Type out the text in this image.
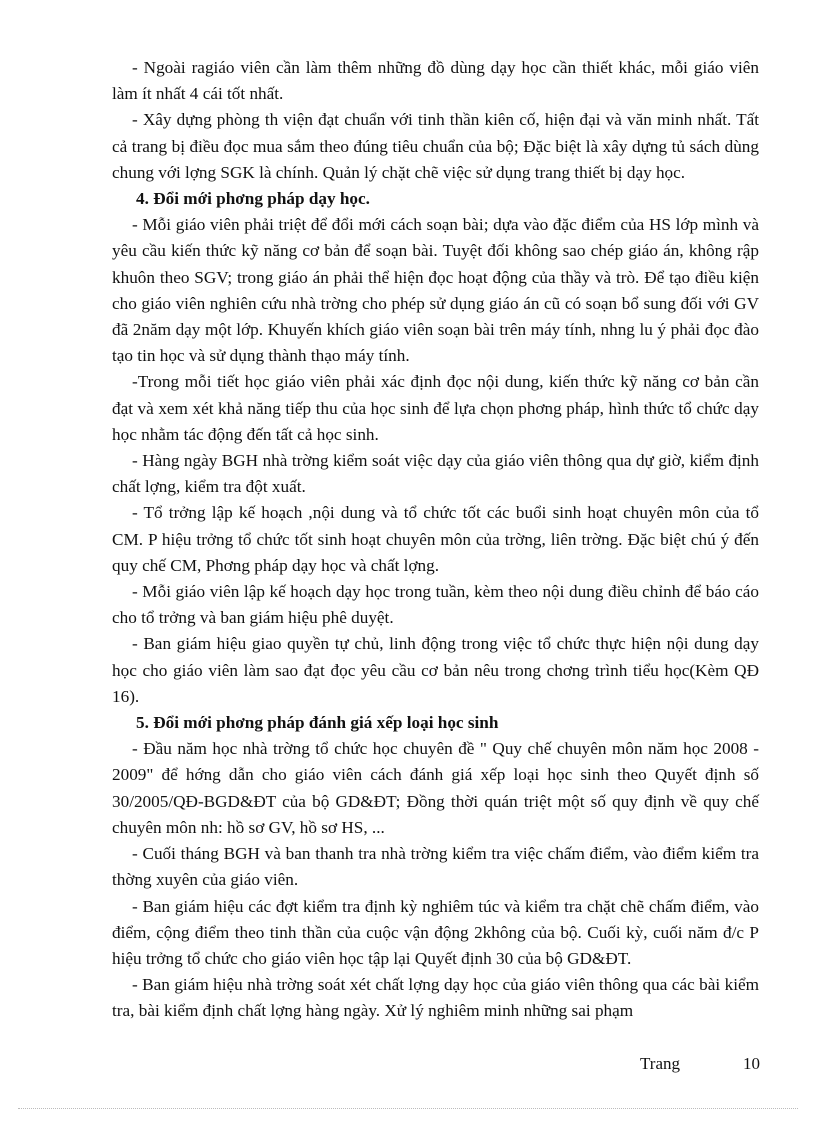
- Ngoài ragiáo viên cần làm thêm những đồ dùng dạy học cần thiết khác, mỗi giáo viên làm ít nhất 4 cái tốt nhất.

- Xây dựng phòng th viện đạt chuẩn với tinh thần kiên cố, hiện đại và văn minh nhất. Tất cả trang bị điều đọc mua sắm theo đúng tiêu chuẩn của bộ; Đặc biệt là xây dựng tủ sách dùng chung với lợng SGK là chính. Quản lý chặt chẽ việc sử dụng trang thiết bị dạy học.

4. Đổi mới phơng pháp dạy học.

- Mỗi giáo viên phải triệt để đổi mới cách soạn bài; dựa vào đặc điểm của HS lớp mình và yêu cầu kiến thức kỹ năng cơ bản để soạn bài. Tuyệt đối không sao chép giáo án, không rập khuôn theo SGV; trong giáo án phải thể hiện đọc hoạt động của thầy và trò. Để tạo điều kiện cho giáo viên nghiên cứu nhà trờng cho phép sử dụng giáo án cũ có soạn bổ sung đối với GV đã 2năm dạy một lớp. Khuyến khích giáo viên soạn bài trên máy tính, nhng lu ý phải đọc đào tạo tin học và sử dụng thành thạo máy tính.

-Trong mỗi tiết học giáo viên phải xác định đọc nội dung, kiến thức kỹ năng cơ bản cần đạt và xem xét khả năng tiếp thu của học sinh để lựa chọn phơng pháp, hình thức tổ chức dạy học nhằm tác động đến tất cả học sinh.

- Hàng ngày BGH nhà trờng kiểm soát việc dạy của giáo viên thông qua dự giờ, kiểm định chất lợng, kiểm tra đột xuất.

- Tổ trởng lập kế hoạch ,nội dung và tổ chức tốt các buổi sinh hoạt chuyên môn của tổ CM. P hiệu trởng tổ chức tốt sinh hoạt chuyên môn của trờng, liên trờng. Đặc biệt chú ý đến quy chế CM, Phơng pháp dạy học và chất lợng.

- Mỗi giáo viên lập kế hoạch dạy học trong tuần, kèm theo nội dung điều chỉnh để báo cáo cho tổ trởng và ban giám hiệu phê duyệt.

- Ban giám hiệu giao quyền tự chủ, linh động trong việc tổ chức thực hiện nội dung dạy học cho giáo viên làm sao đạt đọc yêu cầu cơ bản nêu trong chơng trình tiểu học(Kèm QĐ 16).

5. Đổi mới phơng pháp đánh giá xếp loại học sinh

- Đầu năm học nhà trờng tổ chức học chuyên đề " Quy chế chuyên môn năm học 2008 - 2009" để hớng dẫn cho giáo viên cách đánh giá xếp loại học sinh theo Quyết định số 30/2005/QĐ-BGD&ĐT của bộ GD&ĐT; Đồng thời quán triệt một số quy định về quy chế chuyên môn nh: hồ sơ GV, hồ sơ HS, ...

- Cuối tháng BGH và ban thanh tra nhà trờng kiểm tra việc chấm điểm, vào điểm kiểm tra thờng xuyên của giáo viên.

- Ban giám hiệu các đợt kiểm tra định kỳ nghiêm túc và kiểm tra chặt chẽ chấm điểm, vào điểm, cộng điểm theo tinh thần của cuộc vận động 2không của bộ. Cuối kỳ, cuối năm đ/c P hiệu trởng tổ chức cho giáo viên học tập lại Quyết định 30 của bộ GD&ĐT.

- Ban giám hiệu nhà trờng soát xét chất lợng dạy học của giáo viên thông qua các bài kiểm tra, bài kiểm định chất lợng hàng ngày. Xử lý nghiêm minh những sai phạm

Trang	10
